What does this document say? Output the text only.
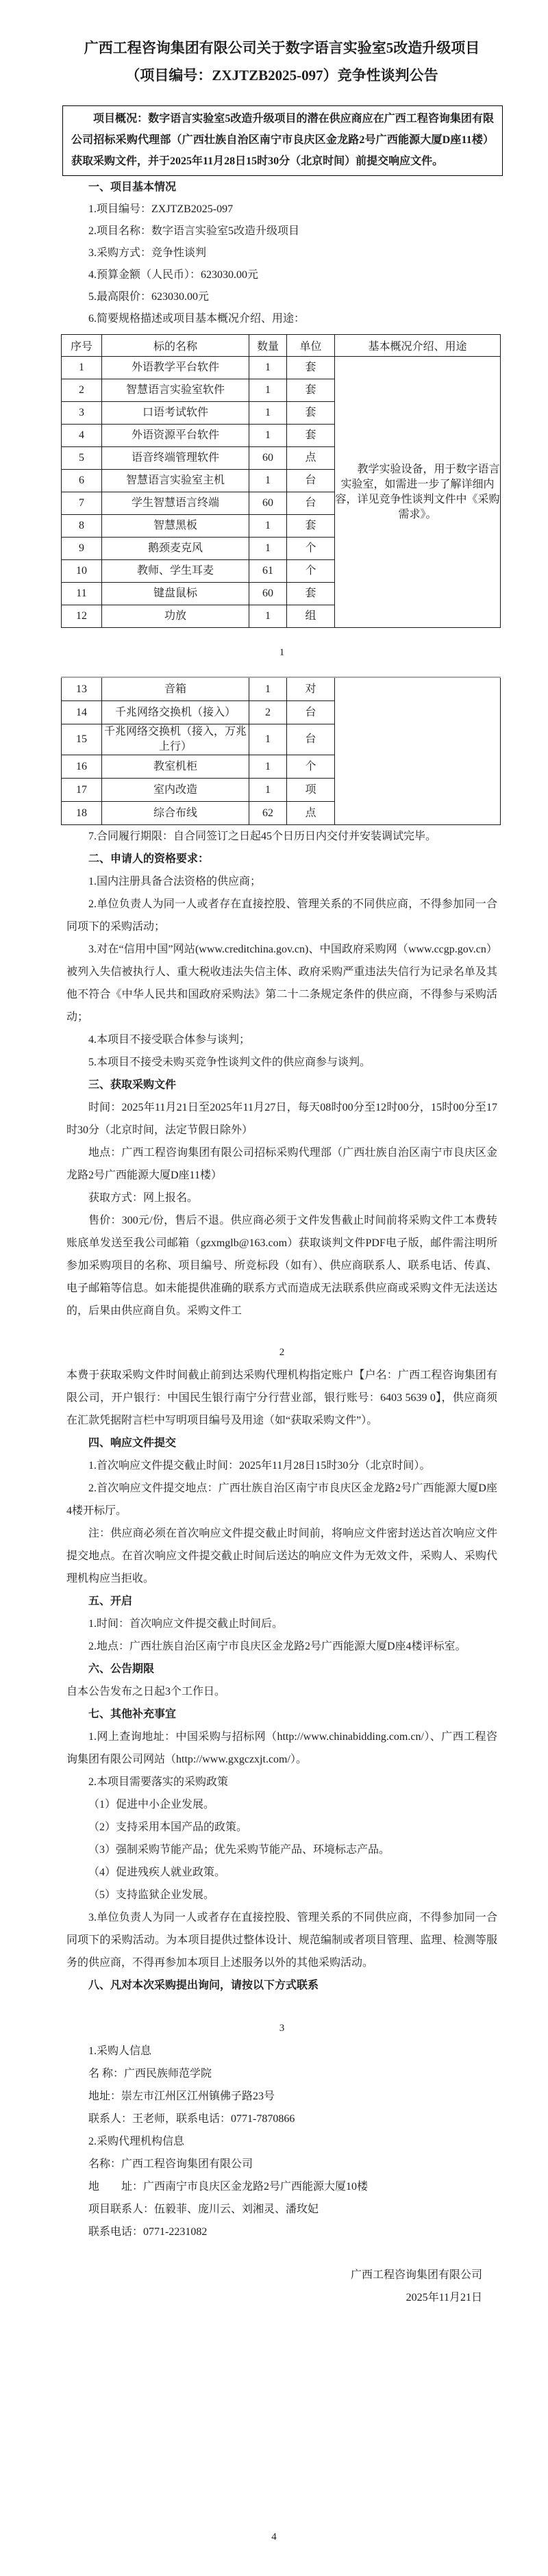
广西工程咨询集团有限公司关于数字语言实验室5改造升级项目
（项目编号：ZXJTZB2025-097）竞争性谈判公告

项目概况：数字语言实验室5改造升级项目的潜在供应商应在广西工程咨询集团有限公司招标采购代理部（广西壮族自治区南宁市良庆区金龙路2号广西能源大厦D座11楼）获取采购文件，并于2025年11月28日15时30分（北京时间）前提交响应文件。

一、项目基本情况

1.项目编号：ZXJTZB2025-097

2.项目名称：数字语言实验室5改造升级项目

3.采购方式：竞争性谈判

4.预算金额（人民币）：623030.00元

5.最高限价：623030.00元

6.简要规格描述或项目基本概况介绍、用途：

序号	标的名称	数量	单位	基本概况介绍、用途
1	外语教学平台软件	1	套	教学实验设备，用于数字语言实验室，如需进一步了解详细内容，详见竞争性谈判文件中《采购需求》。
2	智慧语言实验室软件	1	套	
3	口语考试软件	1	套	
4	外语资源平台软件	1	套	
5	语音终端管理软件	60	点	
6	智慧语言实验室主机	1	台	
7	学生智慧语言终端	60	台	
8	智慧黑板	1	套	
9	鹅颈麦克风	1	个	
10	教师、学生耳麦	61	个	
11	键盘鼠标	60	套	
12	功放	1	组	

1

13	音箱	1	对	
14	千兆网络交换机（接入）	2	台	
15	千兆网络交换机（接入，万兆上行）	1	台	
16	教室机柜	1	个	
17	室内改造	1	项	
18	综合布线	62	点	

7.合同履行期限：自合同签订之日起45个日历日内交付并安装调试完毕。

二、申请人的资格要求：

1.国内注册具备合法资格的供应商；

2.单位负责人为同一人或者存在直接控股、管理关系的不同供应商，不得参加同一合同项下的采购活动；

3.对在“信用中国”网站(www.creditchina.gov.cn)、中国政府采购网（www.ccgp.gov.cn）被列入失信被执行人、重大税收违法失信主体、政府采购严重违法失信行为记录名单及其他不符合《中华人民共和国政府采购法》第二十二条规定条件的供应商，不得参与采购活动；

4.本项目不接受联合体参与谈判；

5.本项目不接受未购买竞争性谈判文件的供应商参与谈判。

三、获取采购文件

时间：2025年11月21日至2025年11月27日，每天08时00分至12时00分，15时00分至17时30分（北京时间，法定节假日除外）

地点：广西工程咨询集团有限公司招标采购代理部（广西壮族自治区南宁市良庆区金龙路2号广西能源大厦D座11楼）

获取方式：网上报名。

售价：300元/份，售后不退。供应商必须于文件发售截止时间前将采购文件工本费转账底单发送至我公司邮箱（gzxmglb@163.com）获取谈判文件PDF电子版，邮件需注明所参加采购项目的名称、项目编号、所竞标段（如有）、供应商联系人、联系电话、传真、电子邮箱等信息。如未能提供准确的联系方式而造成无法联系供应商或采购文件无法送达的，后果由供应商自负。采购文件工

2

本费于获取采购文件时间截止前到达采购代理机构指定账户【户名：广西工程咨询集团有限公司，开户银行：中国民生银行南宁分行营业部，银行账号：6403 5639 0】，供应商须在汇款凭据附言栏中写明项目编号及用途（如“获取采购文件”）。

四、响应文件提交

1.首次响应文件提交截止时间：2025年11月28日15时30分（北京时间）。

2.首次响应文件提交地点：广西壮族自治区南宁市良庆区金龙路2号广西能源大厦D座4楼开标厅。

注：供应商必须在首次响应文件提交截止时间前，将响应文件密封送达首次响应文件提交地点。在首次响应文件提交截止时间后送达的响应文件为无效文件，采购人、采购代理机构应当拒收。

五、开启

1.时间：首次响应文件提交截止时间后。

2.地点：广西壮族自治区南宁市良庆区金龙路2号广西能源大厦D座4楼评标室。

六、公告期限

自本公告发布之日起3个工作日。

七、其他补充事宜

1.网上查询地址：中国采购与招标网（http://www.chinabidding.com.cn/）、广西工程咨询集团有限公司网站（http://www.gxgczxjt.com/）。

2.本项目需要落实的采购政策

（1）促进中小企业发展。

（2）支持采用本国产品的政策。

（3）强制采购节能产品；优先采购节能产品、环境标志产品。

（4）促进残疾人就业政策。

（5）支持监狱企业发展。

3.单位负责人为同一人或者存在直接控股、管理关系的不同供应商，不得参加同一合同项下的采购活动。为本项目提供过整体设计、规范编制或者项目管理、监理、检测等服务的供应商，不得再参加本项目上述服务以外的其他采购活动。

八、凡对本次采购提出询问，请按以下方式联系

3

1.采购人信息

名 称：广西民族师范学院

地址：崇左市江州区江州镇佛子路23号

联系人：王老师，联系电话：0771-7870866

2.采购代理机构信息

名称：广西工程咨询集团有限公司

地　　址：广西南宁市良庆区金龙路2号广西能源大厦10楼

项目联系人：伍毅菲、庞川云、刘湘灵、潘玫妃

联系电话：0771-2231082

广西工程咨询集团有限公司

2025年11月21日

4
